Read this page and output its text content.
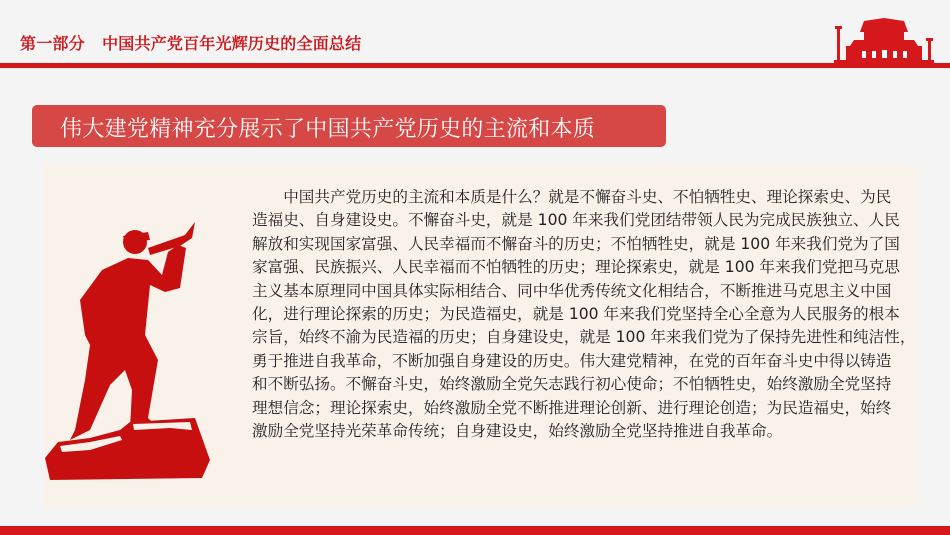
第一部分   中国共产党百年光辉历史的全面总结
伟大建党精神充分展示了中国共产党历史的主流和本质
　　中国共产党历史的主流和本质是什么？就是不懈奋斗史、不怕牺牲史、理论探索史、为民
造福史、自身建设史。不懈奋斗史，就是 100 年来我们党团结带领人民为完成民族独立、人民
解放和实现国家富强、人民幸福而不懈奋斗的历史；不怕牺牲史，就是 100 年来我们党为了国
家富强、民族振兴、人民幸福而不怕牺牲的历史；理论探索史，就是 100 年来我们党把马克思
主义基本原理同中国具体实际相结合、同中华优秀传统文化相结合，不断推进马克思主义中国
化，进行理论探索的历史；为民造福史，就是 100 年来我们党坚持全心全意为人民服务的根本
宗旨，始终不渝为民造福的历史；自身建设史，就是 100 年来我们党为了保持先进性和纯洁性，
勇于推进自我革命，不断加强自身建设的历史。伟大建党精神，在党的百年奋斗史中得以铸造
和不断弘扬。不懈奋斗史，始终激励全党矢志践行初心使命；不怕牺牲史，始终激励全党坚持
理想信念；理论探索史，始终激励全党不断推进理论创新、进行理论创造；为民造福史，始终
激励全党坚持光荣革命传统；自身建设史，始终激励全党坚持推进自我革命。
